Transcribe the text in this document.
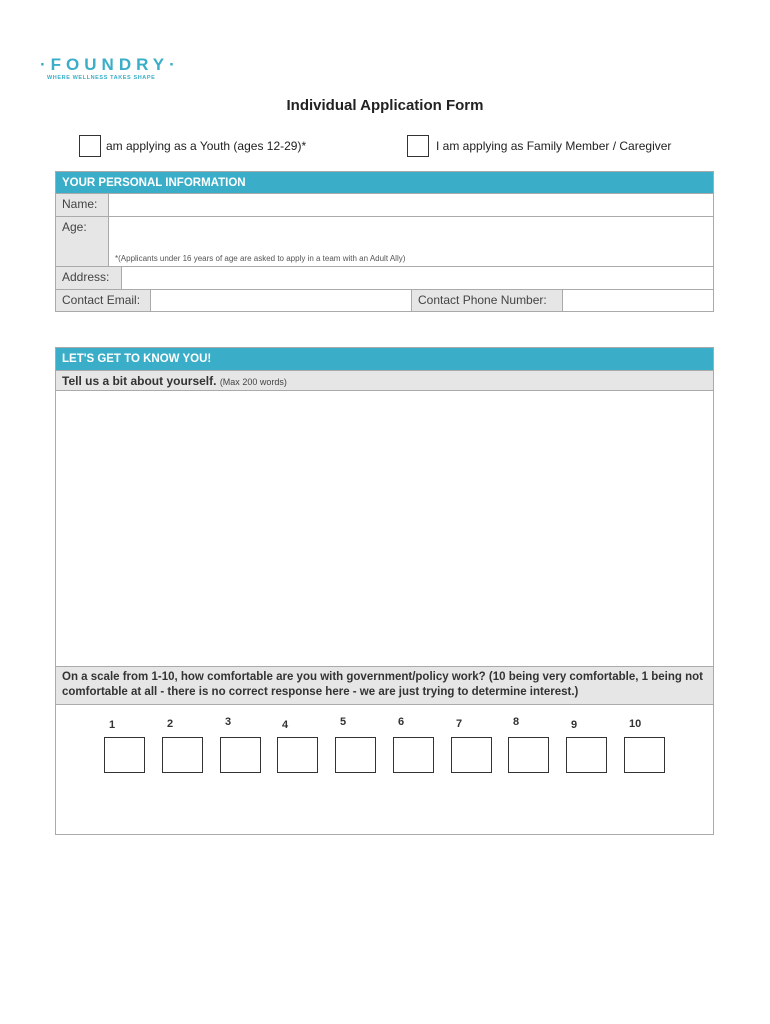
·FOUNDRY·
WHERE WELLNESS TAKES SHAPE
Individual Application Form
am applying as a Youth (ages 12-29)*	I am applying as Family Member / Caregiver
YOUR PERSONAL INFORMATION
Name:
Age:
*(Applicants under 16 years of age are asked to apply in a team with an Adult Ally)
Address:
Contact Email:	Contact Phone Number:
LET'S GET TO KNOW YOU!
Tell us a bit about yourself. (Max 200 words)
On a scale from 1-10, how comfortable are you with government/policy work? (10 being very comfortable, 1 being not comfortable at all - there is no correct response here - we are just trying to determine interest.)
1	2	3	4	5	6	7	8	9	10
